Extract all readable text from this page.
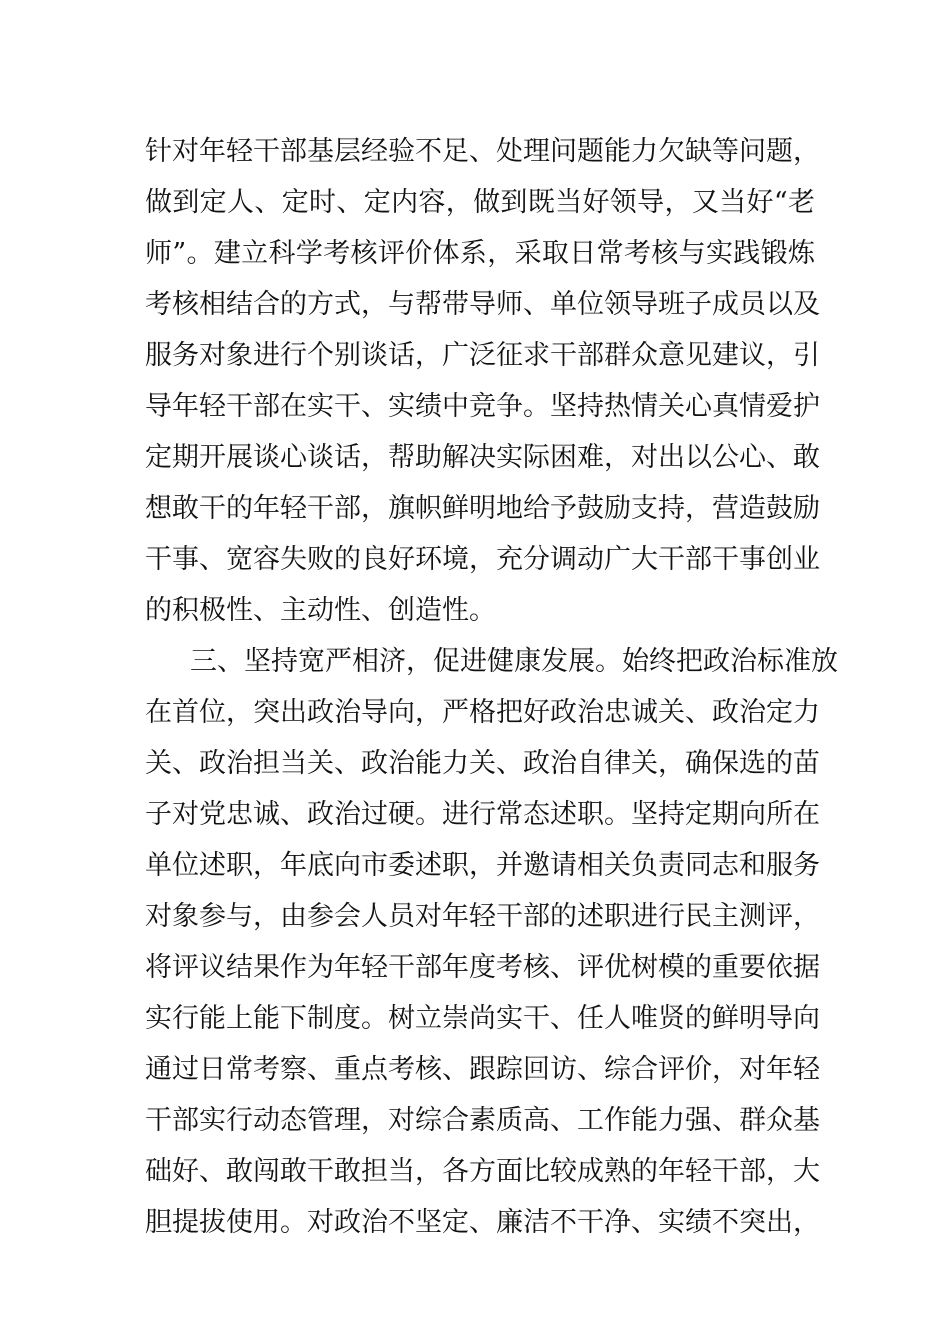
针对年轻干部基层经验不足、处理问题能力欠缺等问题，
做到定人、定时、定内容，做到既当好领导，又当好“老
师”。建立科学考核评价体系，采取日常考核与实践锻炼
考核相结合的方式，与帮带导师、单位领导班子成员以及
服务对象进行个别谈话，广泛征求干部群众意见建议，引
导年轻干部在实干、实绩中竞争。坚持热情关心真情爱护
定期开展谈心谈话，帮助解决实际困难，对出以公心、敢
想敢干的年轻干部，旗帜鲜明地给予鼓励支持，营造鼓励
干事、宽容失败的良好环境，充分调动广大干部干事创业
的积极性、主动性、创造性。
三、坚持宽严相济，促进健康发展。始终把政治标准放
在首位，突出政治导向，严格把好政治忠诚关、政治定力
关、政治担当关、政治能力关、政治自律关，确保选的苗
子对党忠诚、政治过硬。进行常态述职。坚持定期向所在
单位述职，年底向市委述职，并邀请相关负责同志和服务
对象参与，由参会人员对年轻干部的述职进行民主测评，
将评议结果作为年轻干部年度考核、评优树模的重要依据
实行能上能下制度。树立崇尚实干、任人唯贤的鲜明导向
通过日常考察、重点考核、跟踪回访、综合评价，对年轻
干部实行动态管理，对综合素质高、工作能力强、群众基
础好、敢闯敢干敢担当，各方面比较成熟的年轻干部，大
胆提拔使用。对政治不坚定、廉洁不干净、实绩不突出，
